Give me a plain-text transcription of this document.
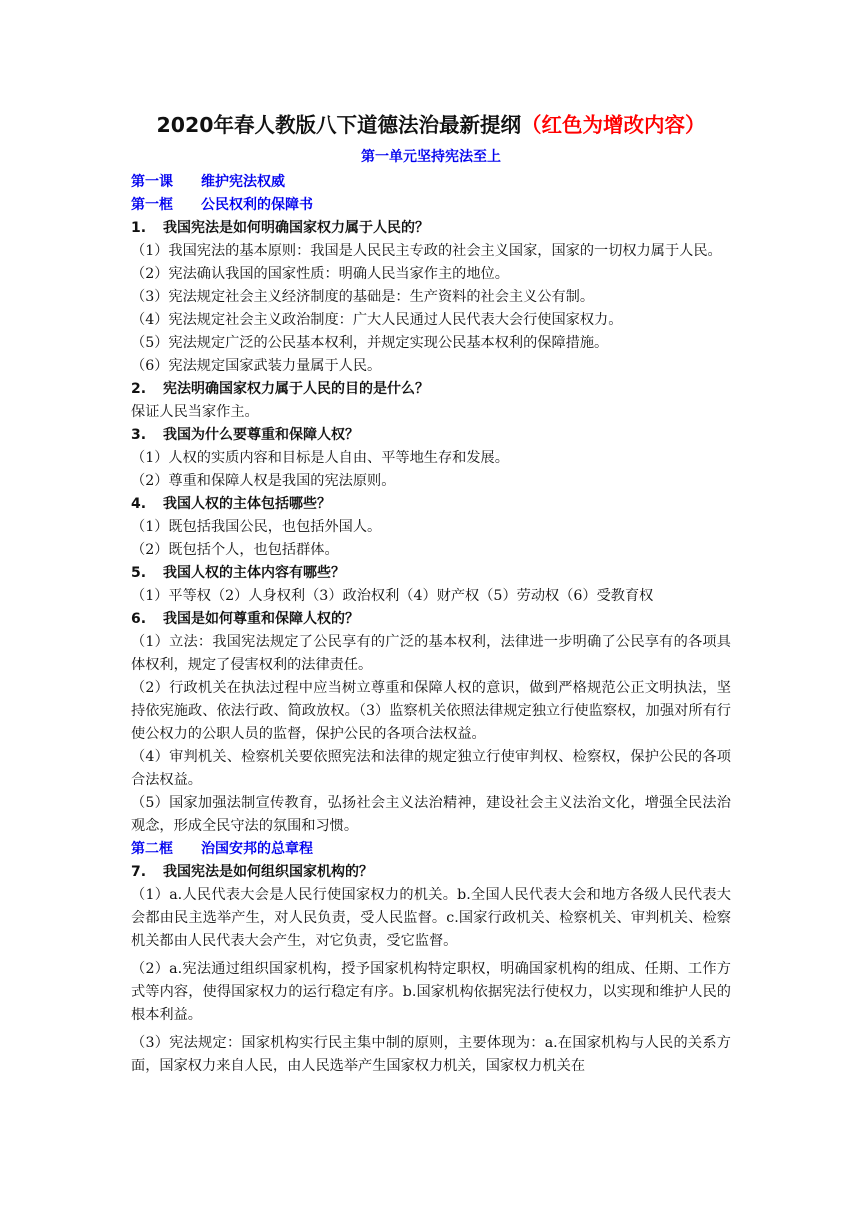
2020年春人教版八下道德法治最新提纲（红色为增改内容）
第一单元坚持宪法至上
第一课 维护宪法权威
第一框 公民权利的保障书
1. 我国宪法是如何明确国家权力属于人民的？
（1）我国宪法的基本原则：我国是人民民主专政的社会主义国家，国家的一切权力属于人民。
（2）宪法确认我国的国家性质：明确人民当家作主的地位。
（3）宪法规定社会主义经济制度的基础是：生产资料的社会主义公有制。
（4）宪法规定社会主义政治制度：广大人民通过人民代表大会行使国家权力。
（5）宪法规定广泛的公民基本权利，并规定实现公民基本权利的保障措施。
（6）宪法规定国家武装力量属于人民。
2. 宪法明确国家权力属于人民的目的是什么？
保证人民当家作主。
3. 我国为什么要尊重和保障人权？
（1）人权的实质内容和目标是人自由、平等地生存和发展。
（2）尊重和保障人权是我国的宪法原则。
4. 我国人权的主体包括哪些？
（1）既包括我国公民，也包括外国人。
（2）既包括个人，也包括群体。
5. 我国人权的主体内容有哪些？
（1）平等权（2）人身权利（3）政治权利（4）财产权（5）劳动权（6）受教育权
6. 我国是如何尊重和保障人权的？
（1）立法：我国宪法规定了公民享有的广泛的基本权利，法律进一步明确了公民享有的各项具体权利，规定了侵害权利的法律责任。
（2）行政机关在执法过程中应当树立尊重和保障人权的意识，做到严格规范公正文明执法，坚持依宪施政、依法行政、简政放权。（3）监察机关依照法律规定独立行使监察权，加强对所有行使公权力的公职人员的监督，保护公民的各项合法权益。
（4）审判机关、检察机关要依照宪法和法律的规定独立行使审判权、检察权，保护公民的各项合法权益。
（5）国家加强法制宣传教育，弘扬社会主义法治精神，建设社会主义法治文化，增强全民法治观念，形成全民守法的氛围和习惯。
第二框 治国安邦的总章程
7. 我国宪法是如何组织国家机构的？
（1）a.人民代表大会是人民行使国家权力的机关。b.全国人民代表大会和地方各级人民代表大会都由民主选举产生，对人民负责，受人民监督。c.国家行政机关、检察机关、审判机关、检察机关都由人民代表大会产生，对它负责，受它监督。
（2）a.宪法通过组织国家机构，授予国家机构特定职权，明确国家机构的组成、任期、工作方式等内容，使得国家权力的运行稳定有序。b.国家机构依据宪法行使权力，以实现和维护人民的根本利益。
（3）宪法规定：国家机构实行民主集中制的原则，主要体现为：a.在国家机构与人民的关系方面，国家权力来自人民，由人民选举产生国家权力机关，国家权力机关在
